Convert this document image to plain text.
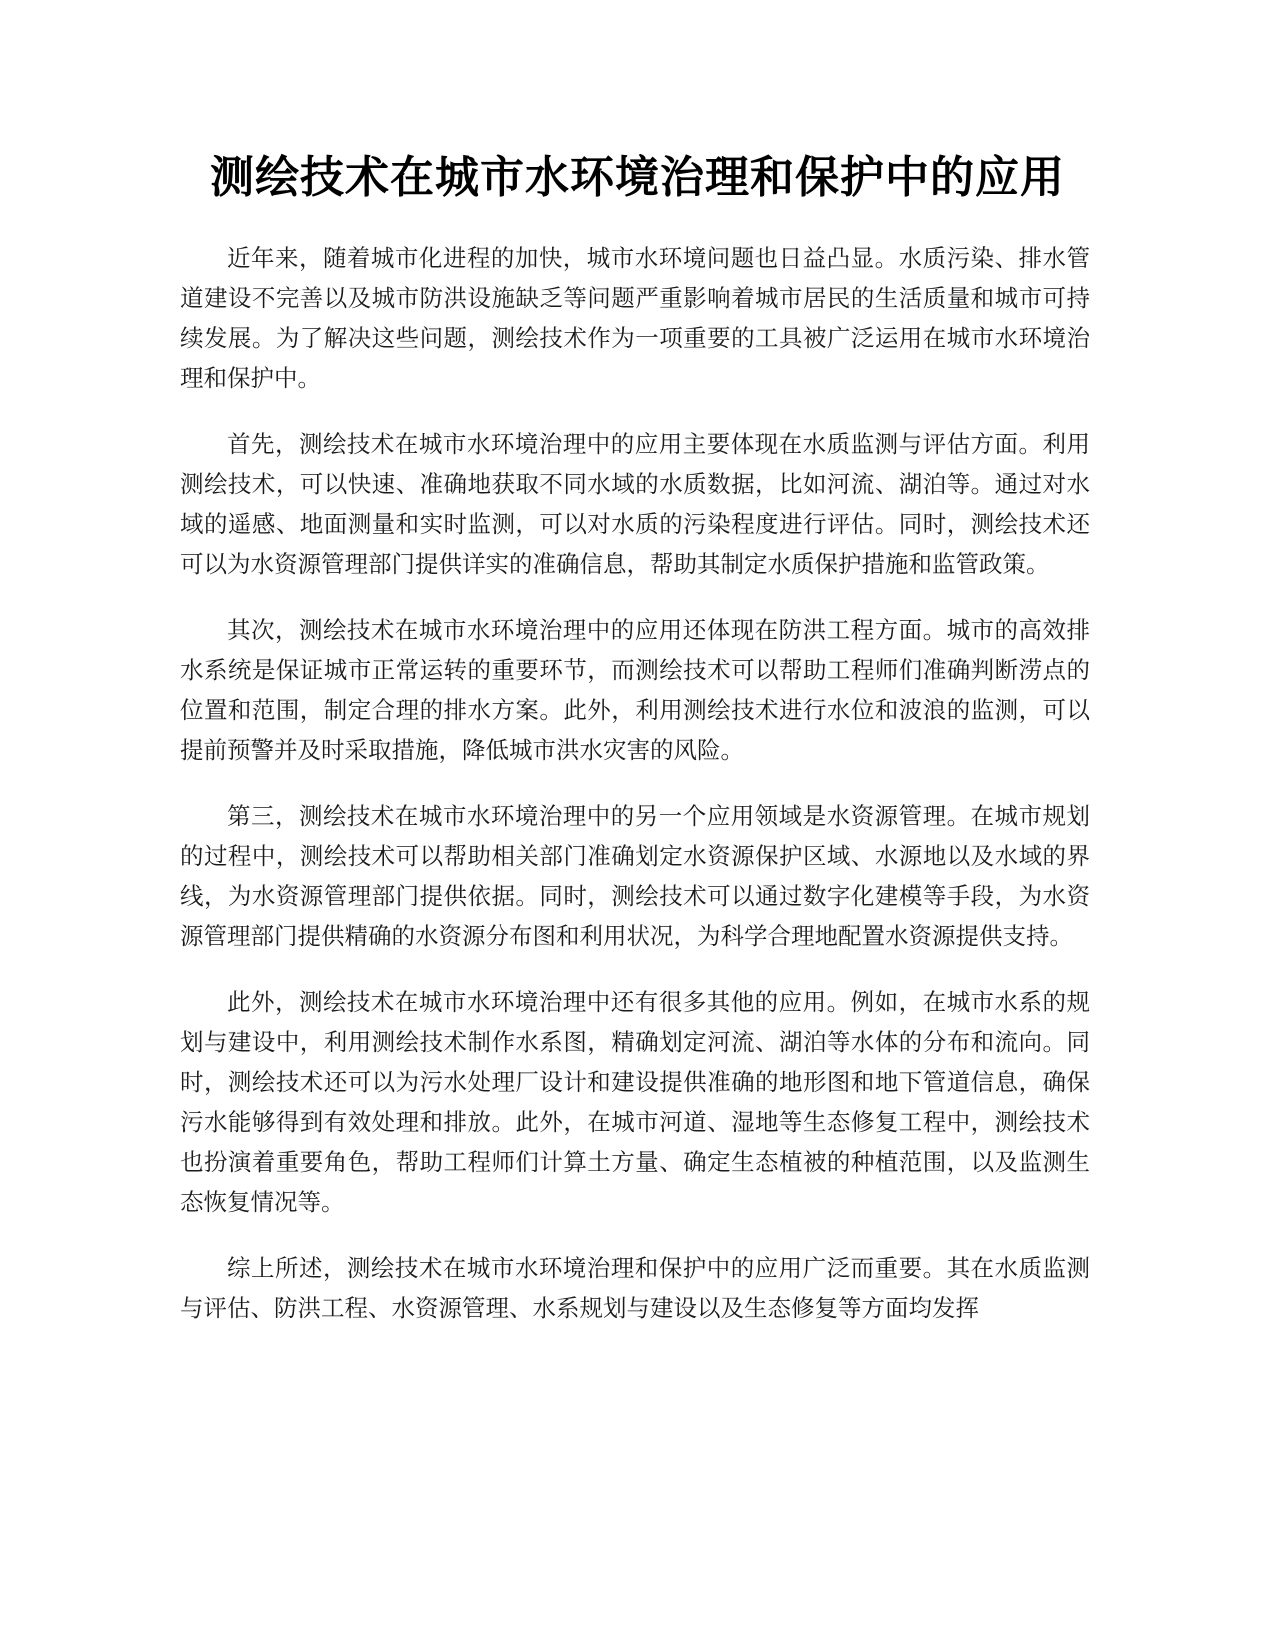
测绘技术在城市水环境治理和保护中的应用

近年来，随着城市化进程的加快，城市水环境问题也日益凸显。水质污染、排水管道建设不完善以及城市防洪设施缺乏等问题严重影响着城市居民的生活质量和城市可持续发展。为了解决这些问题，测绘技术作为一项重要的工具被广泛运用在城市水环境治理和保护中。

首先，测绘技术在城市水环境治理中的应用主要体现在水质监测与评估方面。利用测绘技术，可以快速、准确地获取不同水域的水质数据，比如河流、湖泊等。通过对水域的遥感、地面测量和实时监测，可以对水质的污染程度进行评估。同时，测绘技术还可以为水资源管理部门提供详实的准确信息，帮助其制定水质保护措施和监管政策。

其次，测绘技术在城市水环境治理中的应用还体现在防洪工程方面。城市的高效排水系统是保证城市正常运转的重要环节，而测绘技术可以帮助工程师们准确判断涝点的位置和范围，制定合理的排水方案。此外，利用测绘技术进行水位和波浪的监测，可以提前预警并及时采取措施，降低城市洪水灾害的风险。

第三，测绘技术在城市水环境治理中的另一个应用领域是水资源管理。在城市规划的过程中，测绘技术可以帮助相关部门准确划定水资源保护区域、水源地以及水域的界线，为水资源管理部门提供依据。同时，测绘技术可以通过数字化建模等手段，为水资源管理部门提供精确的水资源分布图和利用状况，为科学合理地配置水资源提供支持。

此外，测绘技术在城市水环境治理中还有很多其他的应用。例如，在城市水系的规划与建设中，利用测绘技术制作水系图，精确划定河流、湖泊等水体的分布和流向。同时，测绘技术还可以为污水处理厂设计和建设提供准确的地形图和地下管道信息，确保污水能够得到有效处理和排放。此外，在城市河道、湿地等生态修复工程中，测绘技术也扮演着重要角色，帮助工程师们计算土方量、确定生态植被的种植范围，以及监测生态恢复情况等。

综上所述，测绘技术在城市水环境治理和保护中的应用广泛而重要。其在水质监测与评估、防洪工程、水资源管理、水系规划与建设以及生态修复等方面均发挥
